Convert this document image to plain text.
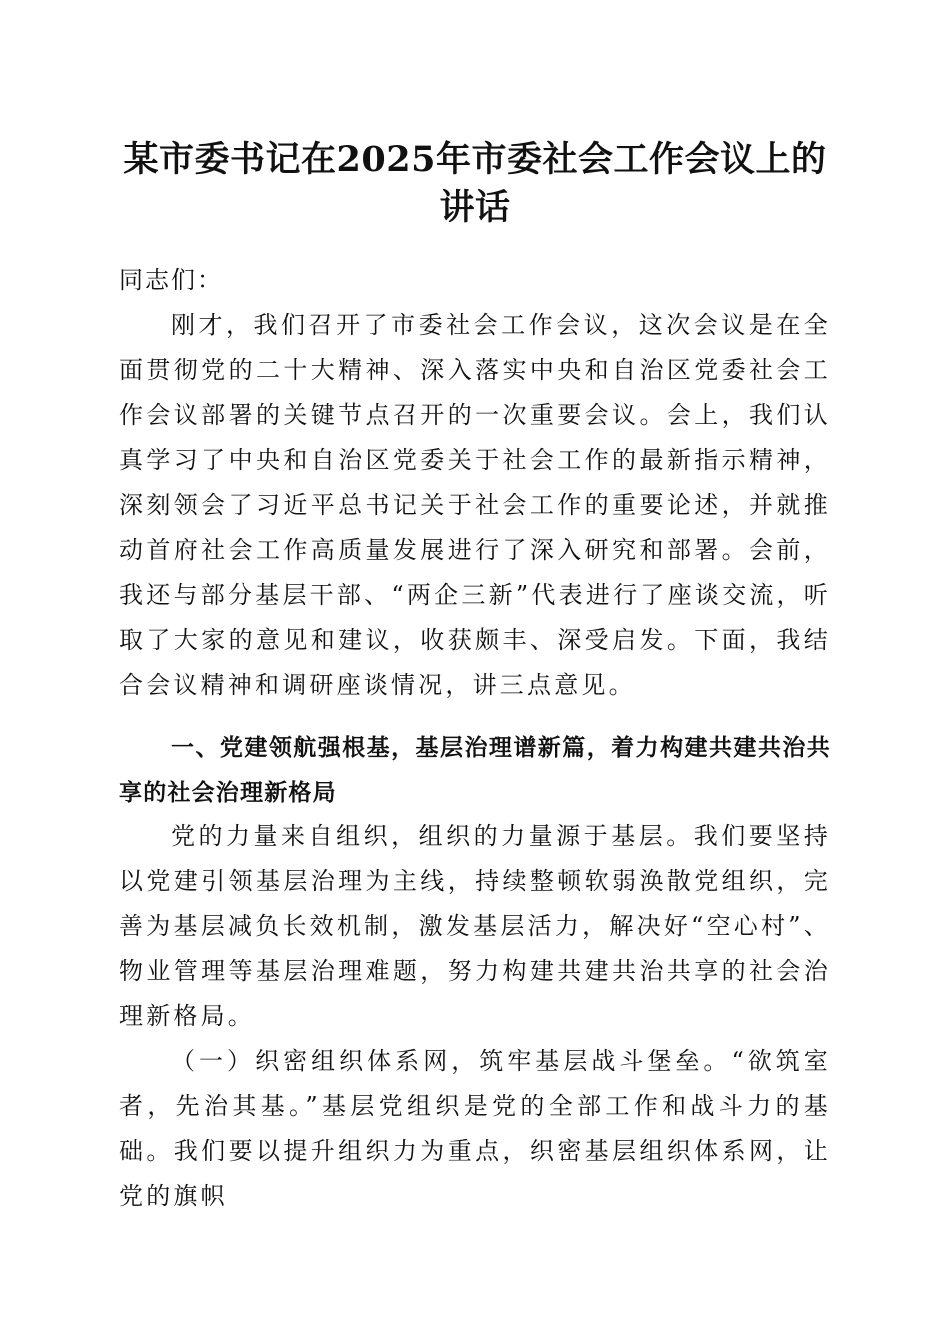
某市委书记在2025年市委社会工作会议上的
讲话

同志们：

刚才，我们召开了市委社会工作会议，这次会议是在全面贯彻党的二十大精神、深入落实中央和自治区党委社会工作会议部署的关键节点召开的一次重要会议。会上，我们认真学习了中央和自治区党委关于社会工作的最新指示精神，深刻领会了习近平总书记关于社会工作的重要论述，并就推动首府社会工作高质量发展进行了深入研究和部署。会前，我还与部分基层干部、“两企三新”代表进行了座谈交流，听取了大家的意见和建议，收获颇丰、深受启发。下面，我结合会议精神和调研座谈情况，讲三点意见。

一、党建领航强根基，基层治理谱新篇，着力构建共建共治共享的社会治理新格局

党的力量来自组织，组织的力量源于基层。我们要坚持以党建引领基层治理为主线，持续整顿软弱涣散党组织，完善为基层减负长效机制，激发基层活力，解决好“空心村”、物业管理等基层治理难题，努力构建共建共治共享的社会治理新格局。

（一）织密组织体系网，筑牢基层战斗堡垒。“欲筑室者，先治其基。”基层党组织是党的全部工作和战斗力的基础。我们要以提升组织力为重点，织密基层组织体系网，让党的旗帜
